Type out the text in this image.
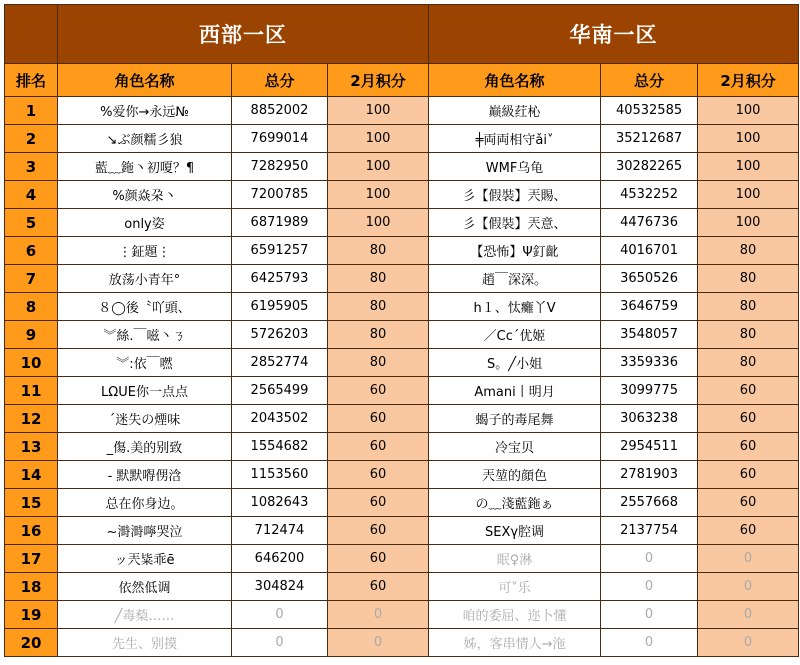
	西部一区			华南一区		
排名	角色名称	总分	2月积分	角色名称	总分	2月积分
1	%爱你→永远№	8852002	100	巅級荭杺	40532585	100
2	↘ぶ颜糯彡狼	7699014	100	╪両両相守ǎi˅	35212687	100
3	藍﹏鉇丶初嗄？¶	7282950	100	WMF乌龟	30282265	100
4	%颜焱朶丶	7200785	100	彡【假裝】兲賜、	4532252	100
5	only姿	6871989	100	彡【假裝】兲意、	4476736	100
6	⋮鉦題⋮	6591257	80	【恐怖】Ψ釘齔	4016701	80
7	放荡小青年°	6425793	80	趙￣深深。	3650526	80
8	８◯後〝吖頭、	6195905	80	h１、忲癱丫V	3646759	80
9	︾絲.￣嗞丶ㄋ	5726203	80	／Cc´优姬	3548057	80
10	︾:依￣嘫	2852774	80	S。╱小姐	3359336	80
11	LΩUE你一点点	2565499	60	Amani丨明月	3099775	60
12	´迷失の煙味	2043502	60	蝎子的毒尾舞	3063238	60
13	_傷.美的别致	1554682	60	冷宝贝	2954511	60
14	- 默默嘚侽浛	1153560	60	兲堃的顔色	2781903	60
15	总在你身边。	1082643	60	の﹏淺藍鉇ぁ	2557668	60
16	~溡溡嚀哭泣	712474	60	SEXγ腔调	2137754	60
17	ッ兲粊乖ē	646200	60	眠♀淋	0	0
18	依然低调	304824	60	可˅乐	0	0
19	╱毒蔾……	0	0	咱的委屈、迩卜懂	0	0
20	先生、别摸	0	0	姊，客串情人→沲	0	0
